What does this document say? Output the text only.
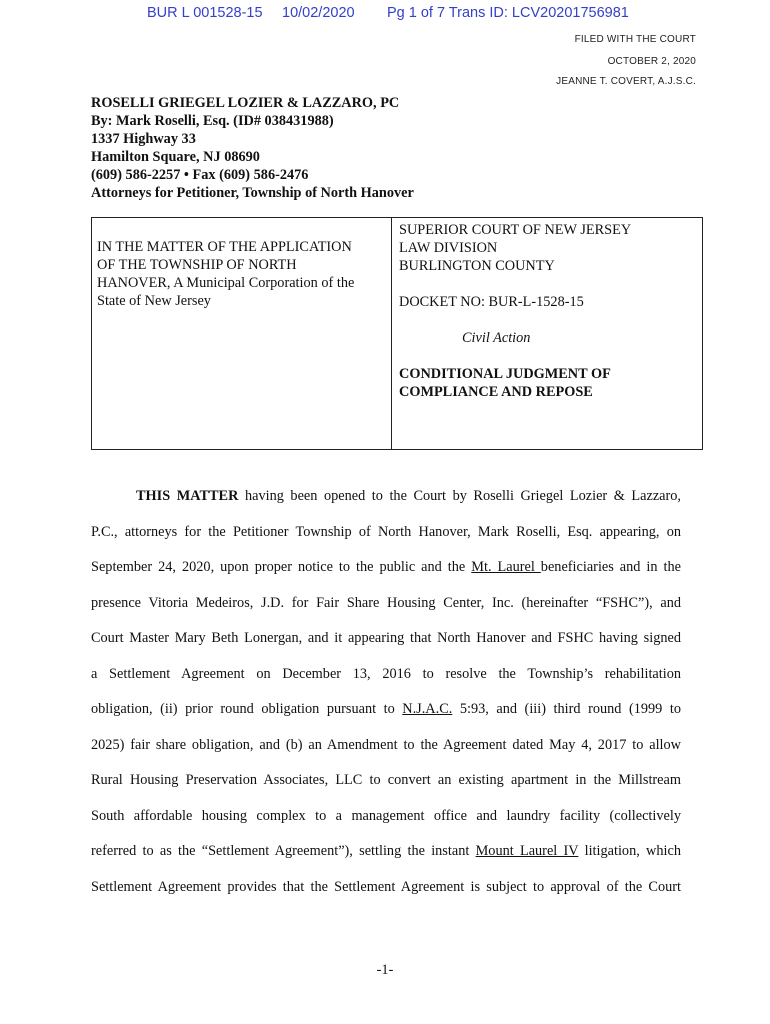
BUR L 001528-15 10/02/2020 Pg 1 of 7 Trans ID: LCV20201756981
FILED WITH THE COURT
OCTOBER 2, 2020
JEANNE T. COVERT, A.J.S.C.
ROSELLI GRIEGEL LOZIER & LAZZARO, PC
By: Mark Roselli, Esq. (ID# 038431988)
1337 Highway 33
Hamilton Square, NJ 08690
(609) 586-2257 • Fax (609) 586-2476
Attorneys for Petitioner, Township of North Hanover
IN THE MATTER OF THE APPLICATION
OF THE TOWNSHIP OF NORTH
HANOVER, A Municipal Corporation of the
State of New Jersey
SUPERIOR COURT OF NEW JERSEY
LAW DIVISION
BURLINGTON COUNTY
DOCKET NO: BUR-L-1528-15
Civil Action
CONDITIONAL JUDGMENT OF
COMPLIANCE AND REPOSE
THIS MATTER having been opened to the Court by Roselli Griegel Lozier & Lazzaro,
P.C., attorneys for the Petitioner Township of North Hanover, Mark Roselli, Esq. appearing, on
September 24, 2020, upon proper notice to the public and the Mt. Laurel beneficiaries and in the
presence Vitoria Medeiros, J.D. for Fair Share Housing Center, Inc. (hereinafter “FSHC”), and
Court Master Mary Beth Lonergan, and it appearing that North Hanover and FSHC having signed
a Settlement Agreement on December 13, 2016 to resolve the Township’s rehabilitation
obligation, (ii) prior round obligation pursuant to N.J.A.C. 5:93, and (iii) third round (1999 to
2025) fair share obligation, and (b) an Amendment to the Agreement dated May 4, 2017 to allow
Rural Housing Preservation Associates, LLC to convert an existing apartment in the Millstream
South affordable housing complex to a management office and laundry facility (collectively
referred to as the “Settlement Agreement”), settling the instant Mount Laurel IV litigation, which
Settlement Agreement provides that the Settlement Agreement is subject to approval of the Court
-1-
